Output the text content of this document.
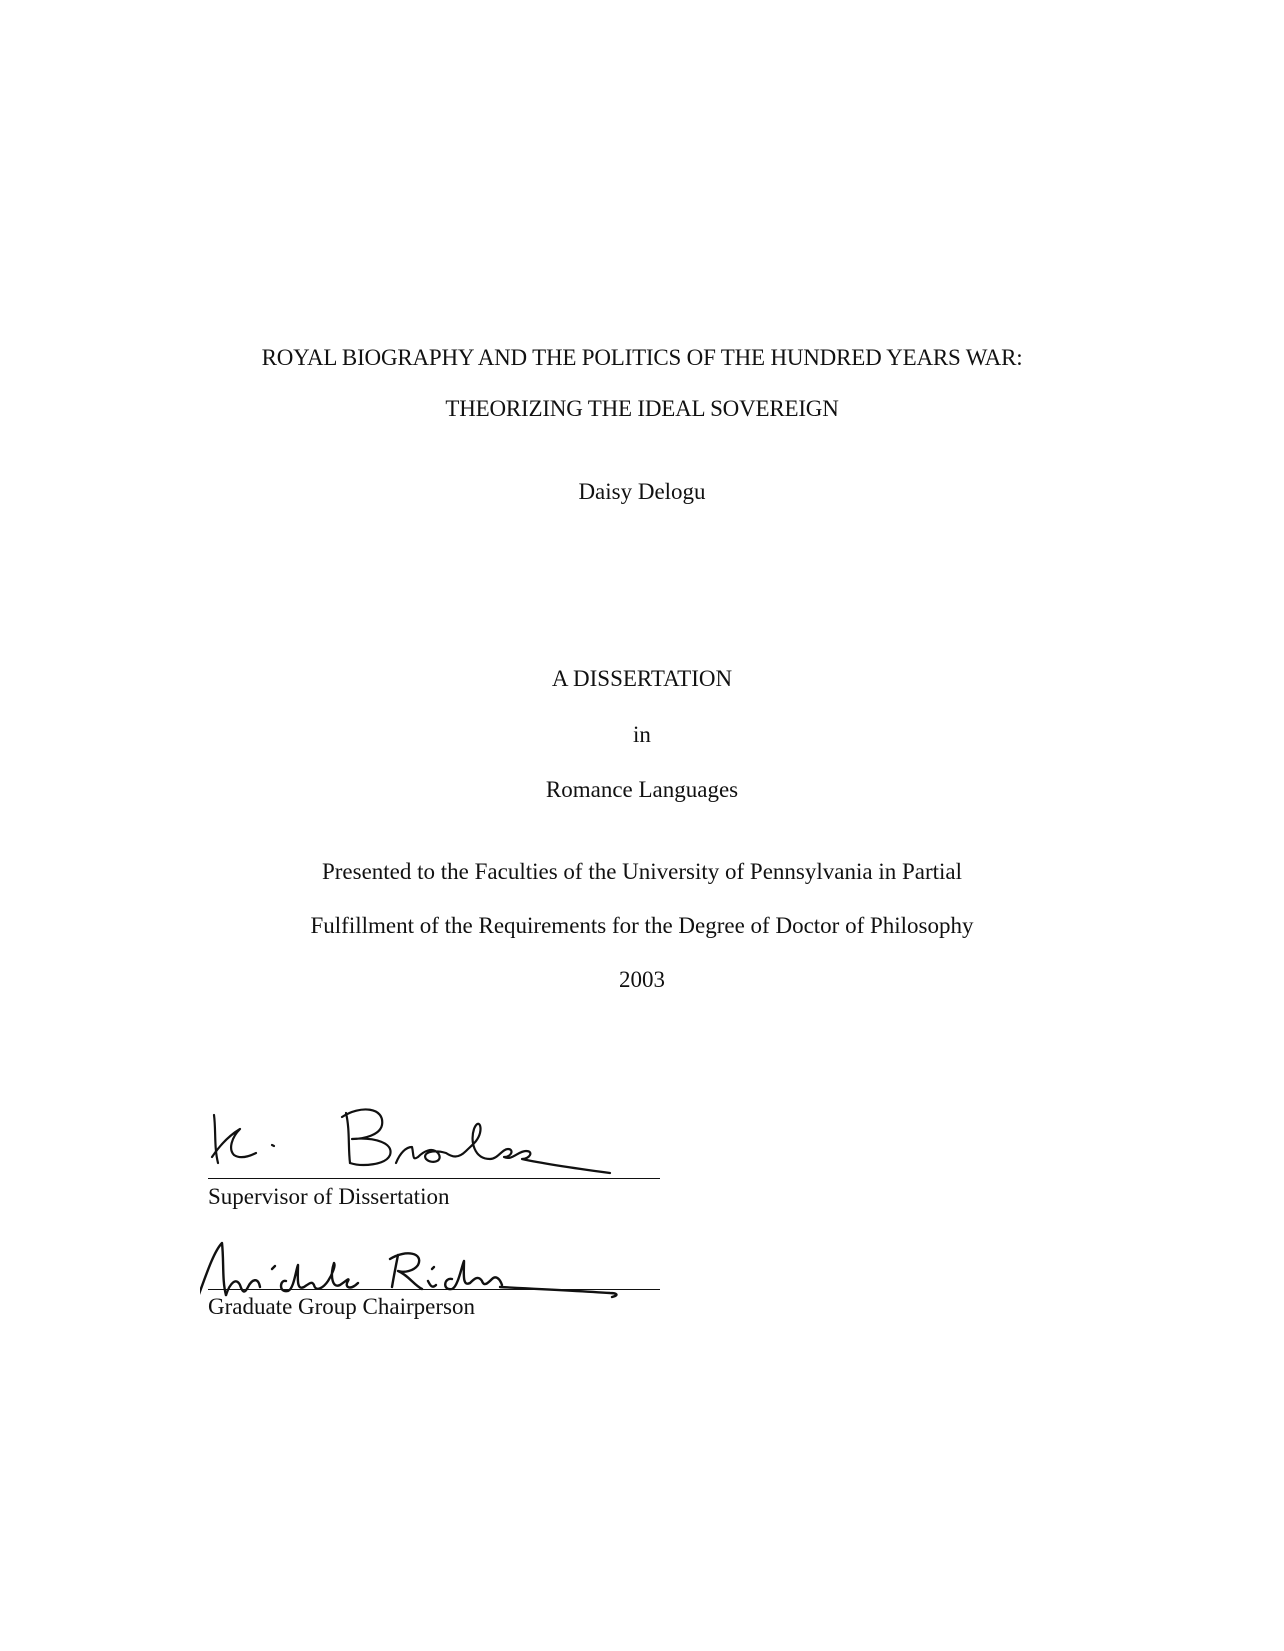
ROYAL BIOGRAPHY AND THE POLITICS OF THE HUNDRED YEARS WAR:
THEORIZING THE IDEAL SOVEREIGN
Daisy Delogu
A DISSERTATION
in
Romance Languages
Presented to the Faculties of the University of Pennsylvania in Partial
Fulfillment of the Requirements for the Degree of Doctor of Philosophy
2003
Supervisor of Dissertation
Graduate Group Chairperson
